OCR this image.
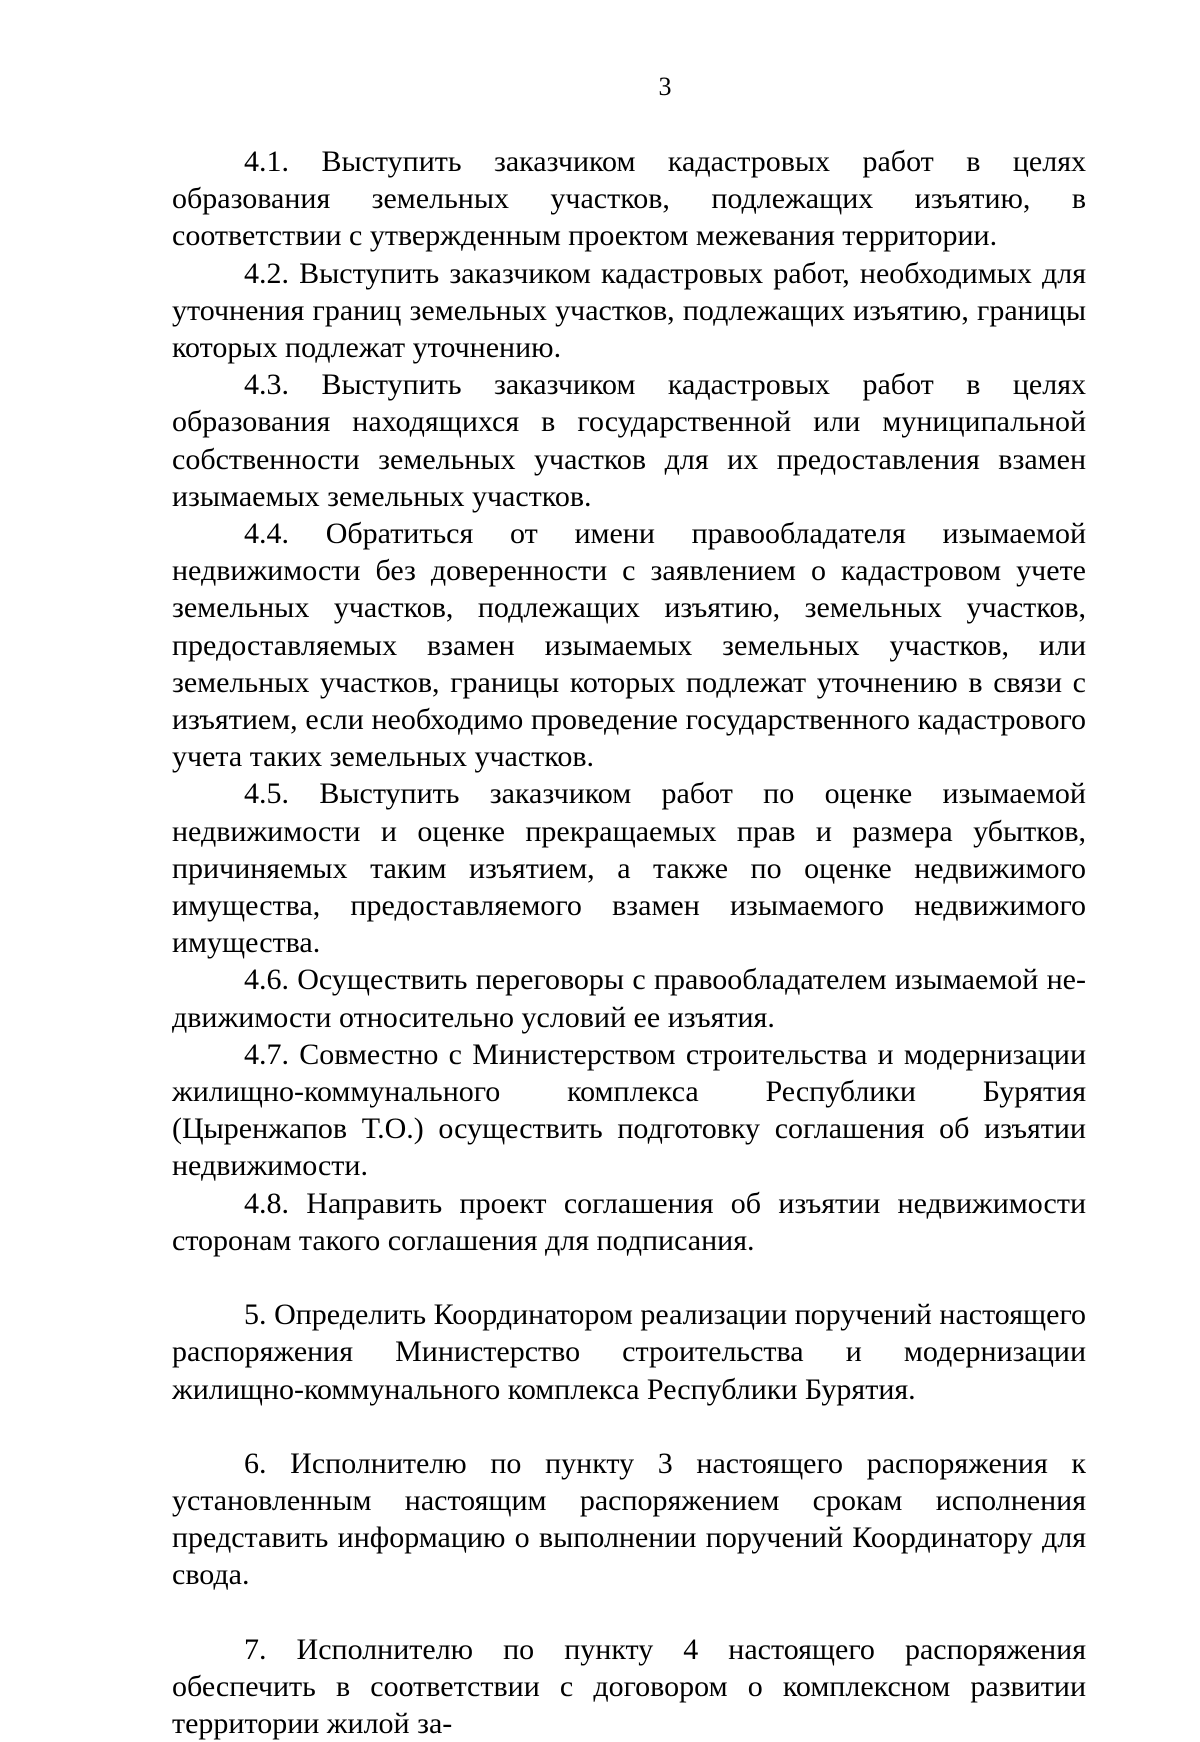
3

4.1. Выступить заказчиком кадастровых работ в целях образования земельных участков, подлежащих изъятию, в соответствии с утвержденным проектом межевания территории.

4.2. Выступить заказчиком кадастровых работ, необходимых для уточнения границ земельных участков, подлежащих изъятию, границы которых подлежат уточнению.

4.3. Выступить заказчиком кадастровых работ в целях образования находящихся в государственной или муниципальной собственности земельных участков для их предоставления взамен изымаемых земельных участков.

4.4. Обратиться от имени правообладателя изымаемой недвижимости без доверенности с заявлением о кадастровом учете земельных участков, подлежащих изъятию, земельных участков, предоставляемых взамен изымаемых земельных участков, или земельных участков, границы которых подлежат уточнению в связи с изъятием, если необходимо проведение государственного кадастрового учета таких земельных участков.

4.5. Выступить заказчиком работ по оценке изымаемой недвижимости и оценке прекращаемых прав и размера убытков, причиняемых таким изъятием, а также по оценке недвижимого имущества, предоставляемого взамен изымаемого недвижимого имущества.

4.6. Осуществить переговоры с правообладателем изымаемой недвижимости относительно условий ее изъятия.

4.7. Совместно с Министерством строительства и модернизации жилищно-коммунального комплекса Республики Бурятия (Цыренжапов Т.О.) осуществить подготовку соглашения об изъятии недвижимости.

4.8. Направить проект соглашения об изъятии недвижимости сторонам такого соглашения для подписания.

5. Определить Координатором реализации поручений настоящего распоряжения Министерство строительства и модернизации жилищно-коммунального комплекса Республики Бурятия.

6. Исполнителю по пункту 3 настоящего распоряжения к установленным настоящим распоряжением срокам исполнения представить информацию о выполнении поручений Координатору для свода.

7. Исполнителю по пункту 4 настоящего распоряжения обеспечить в соответствии с договором о комплексном развитии территории жилой за-
